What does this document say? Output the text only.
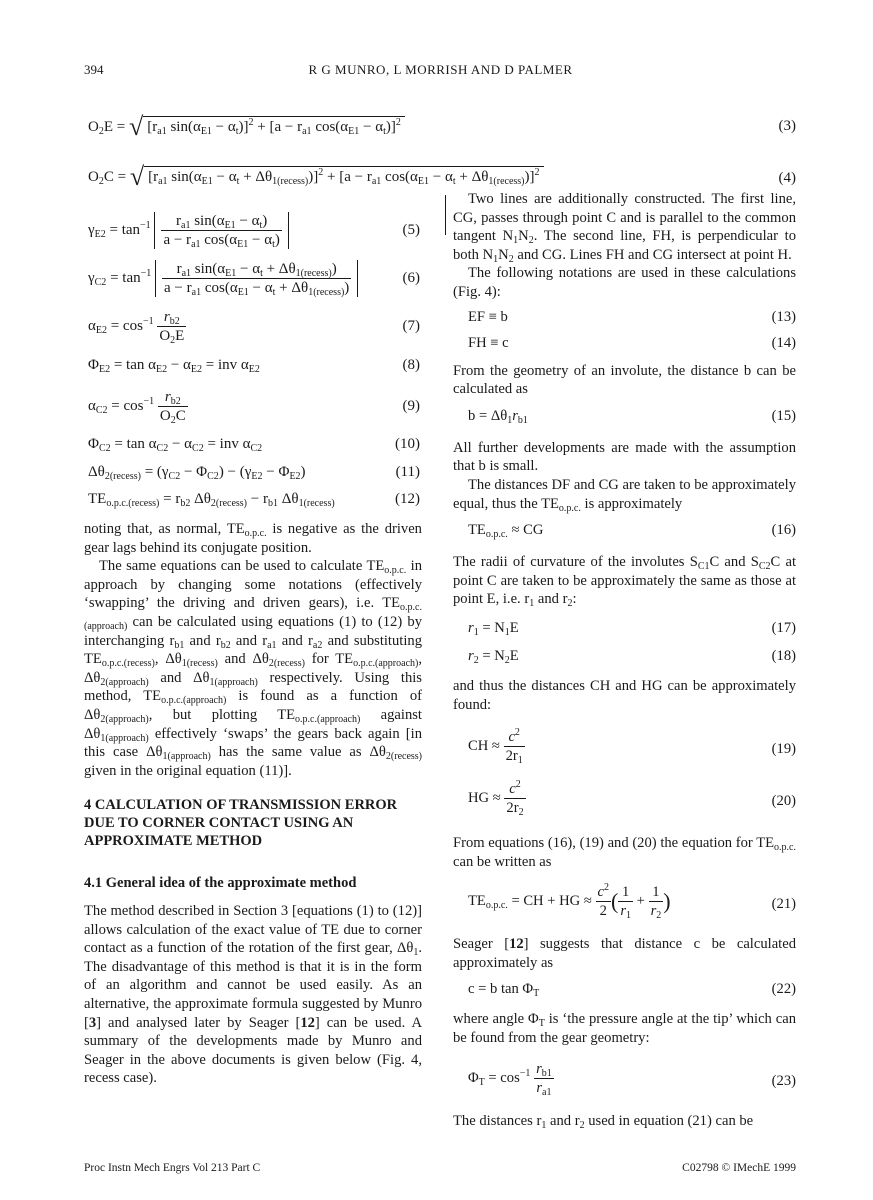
394	R G MUNRO, L MORRISH AND D PALMER
$O_2E$ = √ [$r_{a1}$ $\sin(\alpha_{E1} - \alpha_t)]^2 + [a - r_{a1}$ $\cos(\alpha_{E1} - \alpha_t)]^2$	(3)
$O_2C$ = √ [$r_{a1}$ $\sin(\alpha_{E1} - \alpha_t + \Delta\theta_{1(recess)})]^2 + [a - r_{a1}$ $\cos(\alpha_{E1} - \alpha_t + \Delta\theta_{1(recess)})]^2$	(4)
$\gamma_{E2} = \tan^{-1} \frac{r_{a1} \sin(\alpha_{E1} - \alpha_t)}{a - r_{a1} \cos(\alpha_{E1} - \alpha_t)}$	(5)
$\gamma_{C2} = \tan^{-1} \frac{r_{a1} \sin(\alpha_{E1} - \alpha_t + \Delta\theta_{1(recess)})}{a - r_{a1} \cos(\alpha_{E1} - \alpha_t + \Delta\theta_{1(recess)})}$	(6)
$\alpha_{E2} = \cos^{-1} \frac{r_{b2}}{O_2E}$	(7)
$\Phi_{E2} = \tan \alpha_{E2} - \alpha_{E2}$ = inv $\alpha_{E2}$	(8)
$\alpha_{C2} = \cos^{-1} \frac{r_{b2}}{O_2C}$	(9)
$\Phi_{C2} = \tan \alpha_{C2} - \alpha_{C2}$ = inv $\alpha_{C2}$	(10)
$\Delta\theta_{2(recess)} = (\gamma_{C2} - \Phi_{C2}) - (\gamma_{E2} - \Phi_{E2})$	(11)
$TE_{o.p.c.(recess)} = r_{b2}$ $\Delta\theta_{2(recess)} - r_{b1}$ $\Delta\theta_{1(recess)}$	(12)

noting that, as normal, $TE_{o.p.c.}$ is negative as the driven gear lags behind its conjugate position.

The same equations can be used to calculate $TE_{o.p.c.}$ in approach by changing some notations (effectively ‘swapping’ the driving and driven gears), i.e. $TE_{o.p.c.(approach)}$ can be calculated using equations (1) to (12) by interchanging $r_{b1}$ and $r_{b2}$ and $r_{a1}$ and $r_{a2}$ and substituting $TE_{o.p.c.(recess)}$, $\Delta\theta_{1(recess)}$ and $\Delta\theta_{2(recess)}$ for $TE_{o.p.c.(approach)}$, $\Delta\theta_{2(approach)}$ and $\Delta\theta_{1(approach)}$ respectively. Using this method, $TE_{o.p.c.(approach)}$ is found as a function of $\Delta\theta_{2(approach)}$, but plotting $TE_{o.p.c.(approach)}$ against $\Delta\theta_{1(approach)}$ effectively ‘swaps’ the gears back again [in this case $\Delta\theta_{1(approach)}$ has the same value as $\Delta\theta_{2(recess)}$ given in the original equation (11)].

4 CALCULATION OF TRANSMISSION ERROR DUE TO CORNER CONTACT USING AN APPROXIMATE METHOD

4.1 General idea of the approximate method

The method described in Section 3 [equations (1) to (12)] allows calculation of the exact value of TE due to corner contact as a function of the rotation of the first gear, $\Delta\theta_1$. The disadvantage of this method is that it is in the form of an algorithm and cannot be used easily. As an alternative, the approximate formula suggested by Munro [3] and analysed later by Seager [12] can be used. A summary of the developments made by Munro and Seager in the above documents is given below (Fig. 4, recess case).

Two lines are additionally constructed. The first line, CG, passes through point C and is parallel to the common tangent $N_1N_2$. The second line, FH, is perpendicular to both $N_1N_2$ and CG. Lines FH and CG intersect at point H.

The following notations are used in these calculations (Fig. 4):

EF ≡ b	(13)
FH ≡ c	(14)

From the geometry of an involute, the distance b can be calculated as

$b = \Delta\theta_1r_{b1}$	(15)

All further developments are made with the assumption that b is small.

The distances DF and CG are taken to be approximately equal, thus the $TE_{o.p.c.}$ is approximately

$TE_{o.p.c.}$ ≈ CG	(16)

The radii of curvature of the involutes $S_{C1}C$ and $S_{C2}C$ at point C are taken to be approximately the same as those at point E, i.e. $r_1$ and $r_2$:

$r_1 = N_1E$	(17)
$r_2 = N_2E$	(18)

and thus the distances CH and HG can be approximately found:

CH ≈ $\frac{c^2}{2r_1}$	(19)
HG ≈ $\frac{c^2}{2r_2}$	(20)

From equations (16), (19) and (20) the equation for $TE_{o.p.c.}$ can be written as

$TE_{o.p.c.}$ = CH + HG ≈ $\frac{c^2}{2}$ ( $\frac{1}{r_1} + \frac{1}{r_2}$ )	(21)

Seager [12] suggests that distance c be calculated approximately as

c = b $\tan \Phi_T$	(22)

where angle $\Phi_T$ is ‘the pressure angle at the tip’ which can be found from the gear geometry:

$\Phi_T = \cos^{-1} \frac{r_{b1}}{r_{a1}}$	(23)

The distances $r_1$ and $r_2$ used in equation (21) can be

Proc Instn Mech Engrs Vol 213 Part C	C02798 © IMechE 1999
